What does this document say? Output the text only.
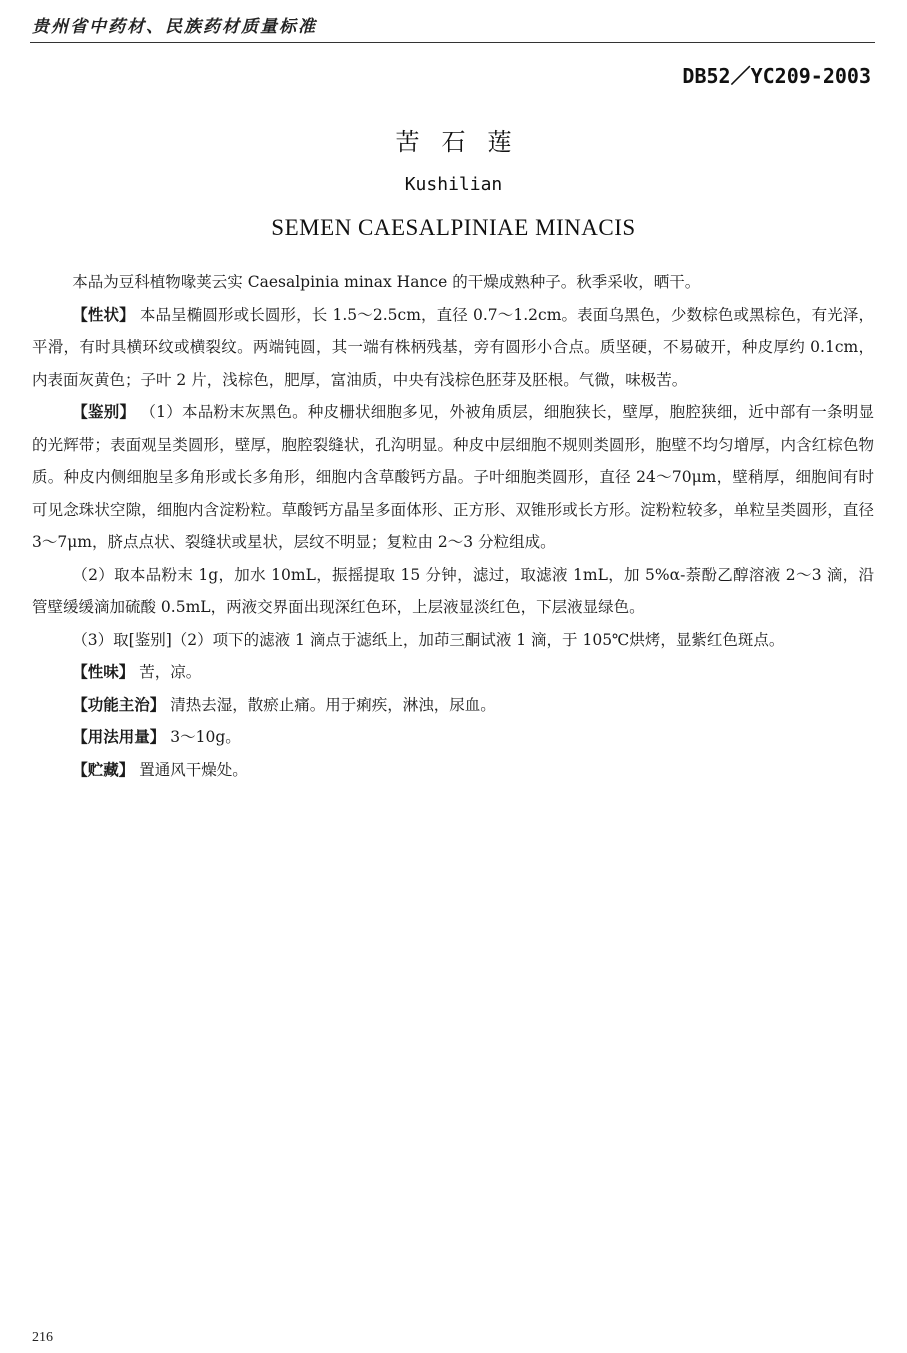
贵州省中药材、民族药材质量标准
DB52／YC209-2003
苦石莲
Kushilian
SEMEN CAESALPINIAE MINACIS

本品为豆科植物喙荚云实 Caesalpinia minax Hance 的干燥成熟种子。秋季采收，晒干。

【性状】 本品呈椭圆形或长圆形，长 1.5～2.5cm，直径 0.7～1.2cm。表面乌黑色，少数棕色或黑棕色，有光泽，平滑，有时具横环纹或横裂纹。两端钝圆，其一端有株柄残基，旁有圆形小合点。质坚硬，不易破开，种皮厚约 0.1cm，内表面灰黄色；子叶 2 片，浅棕色，肥厚，富油质，中央有浅棕色胚芽及胚根。气微，味极苦。

【鉴别】 （1）本品粉末灰黑色。种皮栅状细胞多见，外被角质层，细胞狭长，壁厚，胞腔狭细，近中部有一条明显的光辉带；表面观呈类圆形，壁厚，胞腔裂缝状，孔沟明显。种皮中层细胞不规则类圆形，胞壁不均匀增厚，内含红棕色物质。种皮内侧细胞呈多角形或长多角形，细胞内含草酸钙方晶。子叶细胞类圆形，直径 24～70μm，壁稍厚，细胞间有时可见念珠状空隙，细胞内含淀粉粒。草酸钙方晶呈多面体形、正方形、双锥形或长方形。淀粉粒较多，单粒呈类圆形，直径 3～7μm，脐点点状、裂缝状或星状，层纹不明显；复粒由 2～3 分粒组成。

（2）取本品粉末 1g，加水 10mL，振摇提取 15 分钟，滤过，取滤液 1mL，加 5%α-萘酚乙醇溶液 2～3 滴，沿管壁缓缓滴加硫酸 0.5mL，两液交界面出现深红色环，上层液显淡红色，下层液显绿色。

（3）取[鉴别]（2）项下的滤液 1 滴点于滤纸上，加茚三酮试液 1 滴，于 105℃烘烤，显紫红色斑点。

【性味】 苦，凉。

【功能主治】 清热去湿，散瘀止痛。用于痢疾，淋浊，尿血。

【用法用量】 3～10g。

【贮藏】 置通风干燥处。

216
